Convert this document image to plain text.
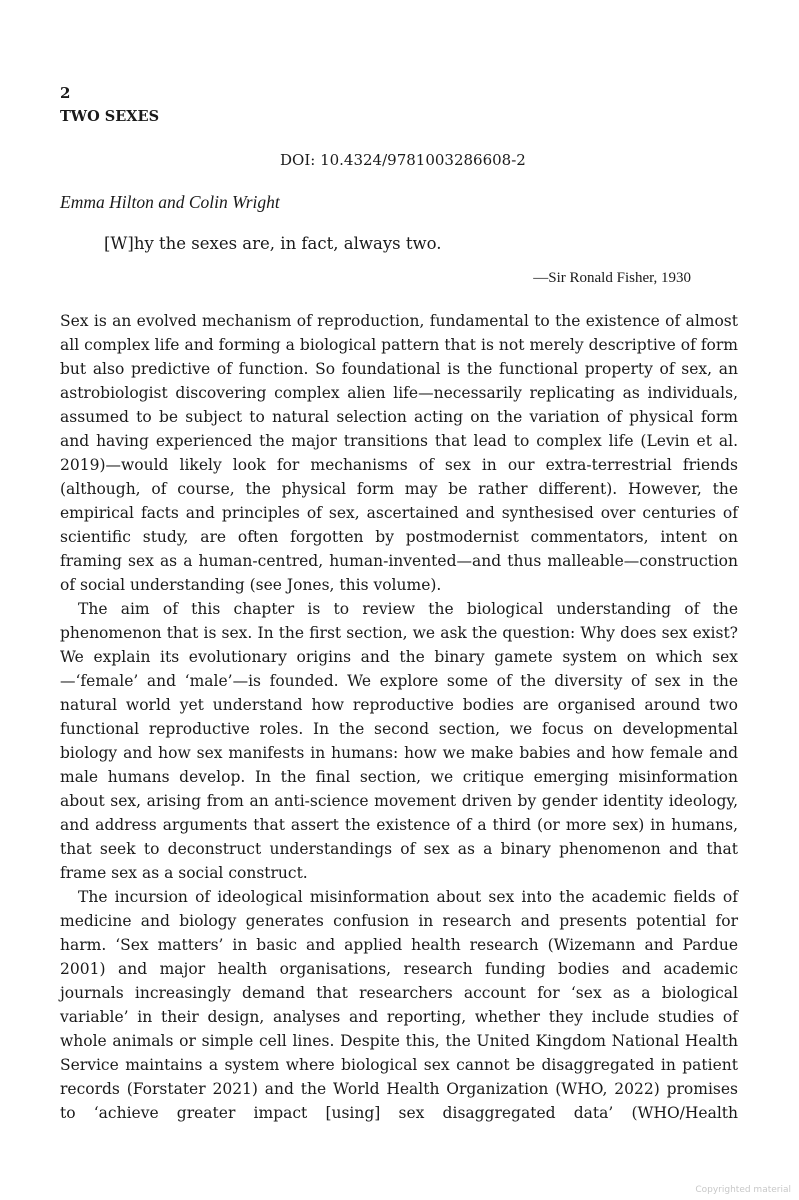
2
TWO SEXES
DOI: 10.4324/9781003286608-2
Emma Hilton and Colin Wright
[W]hy the sexes are, in fact, always two.
—Sir Ronald Fisher, 1930

Sex is an evolved mechanism of reproduction, fundamental to the existence of almost all complex life and forming a biological pattern that is not merely descriptive of form but also predictive of function. So foundational is the functional property of sex, an astrobiologist discovering complex alien life—necessarily replicating as individuals, assumed to be subject to natural selection acting on the variation of physical form and having experienced the major transitions that lead to complex life (Levin et al. 2019)—would likely look for mechanisms of sex in our extra-terrestrial friends (although, of course, the physical form may be rather different). However, the empirical facts and principles of sex, ascertained and synthesised over centuries of scientific study, are often forgotten by postmodernist commentators, intent on framing sex as a human-centred, human-invented—and thus malleable—construction of social understanding (see Jones, this volume).

The aim of this chapter is to review the biological understanding of the phenomenon that is sex. In the first section, we ask the question: Why does sex exist? We explain its evolutionary origins and the binary gamete system on which sex—‘female’ and ‘male’—is founded. We explore some of the diversity of sex in the natural world yet understand how reproductive bodies are organised around two functional reproductive roles. In the second section, we focus on developmental biology and how sex manifests in humans: how we make babies and how female and male humans develop. In the final section, we critique emerging misinformation about sex, arising from an anti-science movement driven by gender identity ideology, and address arguments that assert the existence of a third (or more sex) in humans, that seek to deconstruct understandings of sex as a binary phenomenon and that frame sex as a social construct.

The incursion of ideological misinformation about sex into the academic fields of medicine and biology generates confusion in research and presents potential for harm. ‘Sex matters’ in basic and applied health research (Wizemann and Pardue 2001) and major health organisations, research funding bodies and academic journals increasingly demand that researchers account for ‘sex as a biological variable’ in their design, analyses and reporting, whether they include studies of whole animals or simple cell lines. Despite this, the United Kingdom National Health Service maintains a system where biological sex cannot be disaggregated in patient records (Forstater 2021) and the World Health Organization (WHO, 2022) promises to ‘achieve greater impact [using] sex disaggregated data’ (WHO/Health

Copyrighted material
